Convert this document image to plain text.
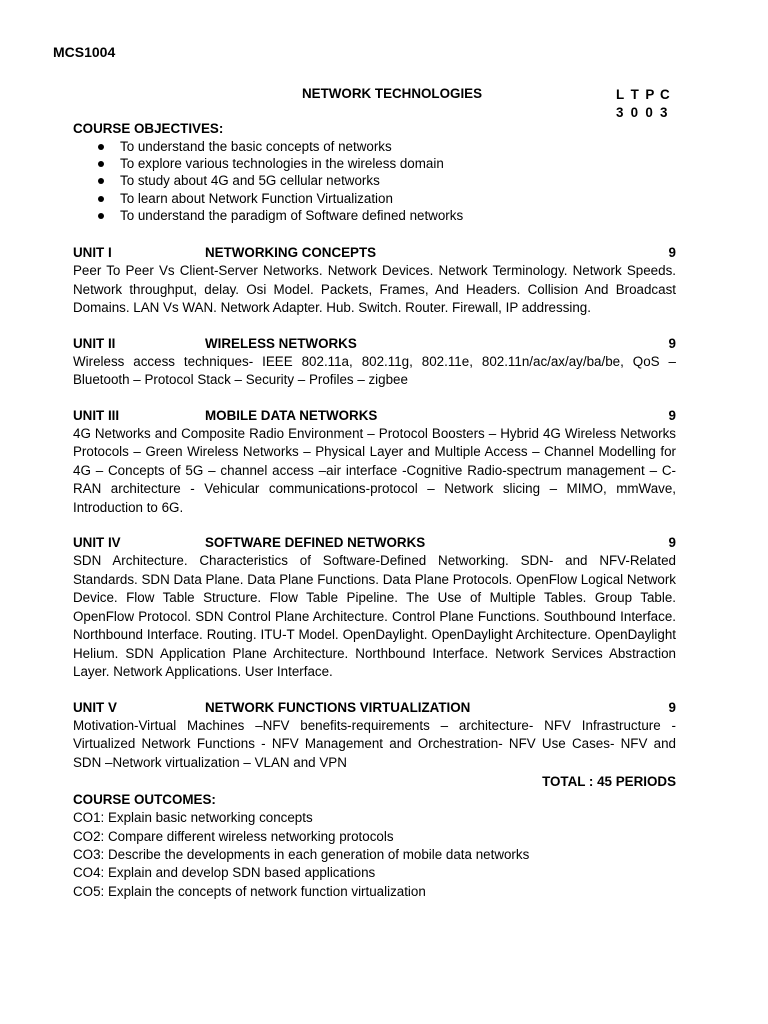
MCS1004
NETWORK TECHNOLOGIES	L T P C
3 0 0 3
COURSE OBJECTIVES:
To understand the basic concepts of networks
To explore various technologies in the wireless domain
To study about 4G and 5G cellular networks
To learn about Network Function Virtualization
To understand the paradigm of Software defined networks
UNIT I	NETWORKING CONCEPTS	9
Peer To Peer Vs Client-Server Networks. Network Devices. Network Terminology. Network Speeds. Network throughput, delay. Osi Model. Packets, Frames, And Headers. Collision And Broadcast Domains. LAN Vs WAN. Network Adapter. Hub. Switch. Router. Firewall, IP addressing.
UNIT II	WIRELESS NETWORKS	9
Wireless access techniques- IEEE 802.11a, 802.11g, 802.11e, 802.11n/ac/ax/ay/ba/be, QoS – Bluetooth – Protocol Stack – Security – Profiles – zigbee
UNIT III	MOBILE DATA NETWORKS	9
4G Networks and Composite Radio Environment – Protocol Boosters – Hybrid 4G Wireless Networks Protocols – Green Wireless Networks – Physical Layer and Multiple Access – Channel Modelling for 4G – Concepts of 5G – channel access –air interface -Cognitive Radio-spectrum management – C-RAN architecture - Vehicular communications-protocol – Network slicing – MIMO, mmWave, Introduction to 6G.
UNIT IV	SOFTWARE DEFINED NETWORKS	9
SDN Architecture. Characteristics of Software-Defined Networking. SDN- and NFV-Related Standards. SDN Data Plane. Data Plane Functions. Data Plane Protocols. OpenFlow Logical Network Device. Flow Table Structure. Flow Table Pipeline. The Use of Multiple Tables. Group Table. OpenFlow Protocol. SDN Control Plane Architecture. Control Plane Functions. Southbound Interface. Northbound Interface. Routing. ITU-T Model. OpenDaylight. OpenDaylight Architecture. OpenDaylight Helium. SDN Application Plane Architecture. Northbound Interface. Network Services Abstraction Layer. Network Applications. User Interface.
UNIT V	NETWORK FUNCTIONS VIRTUALIZATION	9
Motivation-Virtual Machines –NFV benefits-requirements – architecture- NFV Infrastructure - Virtualized Network Functions - NFV Management and Orchestration- NFV Use Cases- NFV and SDN –Network virtualization – VLAN and VPN
TOTAL : 45 PERIODS
COURSE OUTCOMES:
CO1: Explain basic networking concepts
CO2: Compare different wireless networking protocols
CO3: Describe the developments in each generation of mobile data networks
CO4: Explain and develop SDN based applications
CO5: Explain the concepts of network function virtualization
